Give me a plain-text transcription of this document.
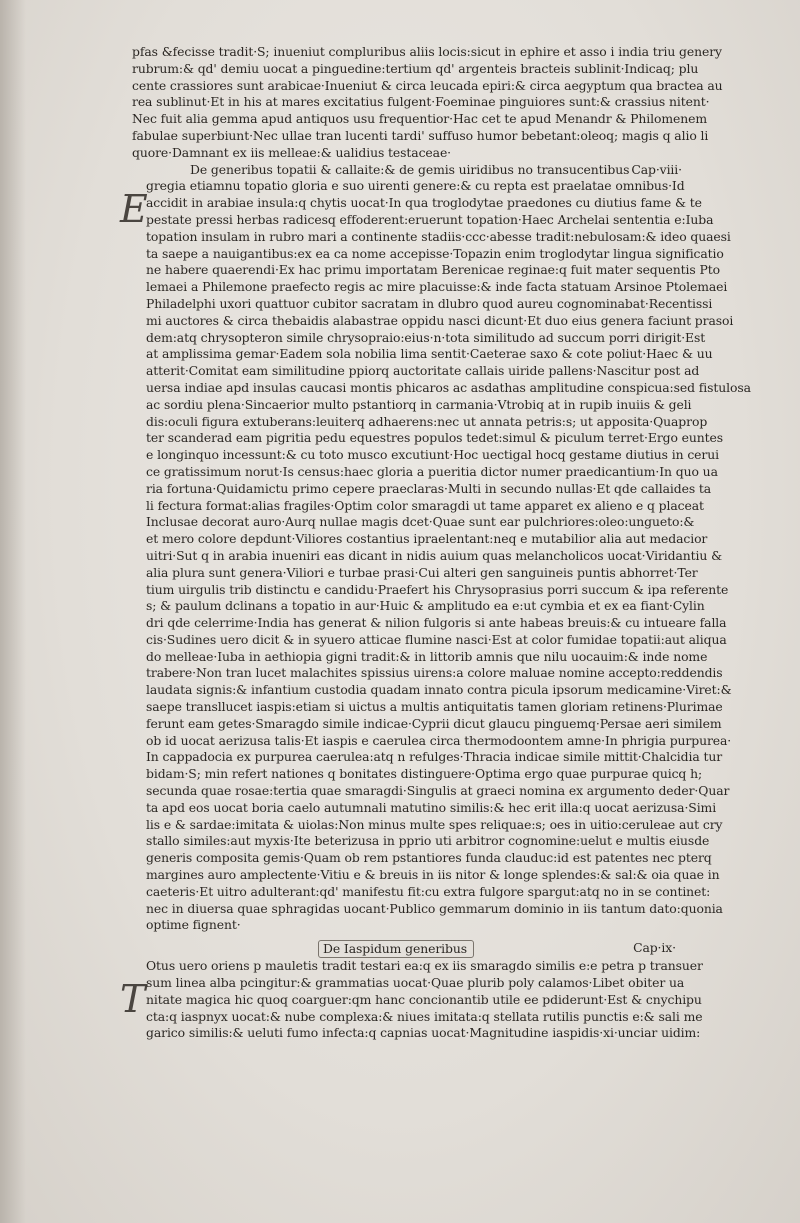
E
T
pfas &fecisse tradit·S; inueniut compluribus aliis locis:sicut in ephire et asso i india triu genery
rubrum:& qd' demiu uocat a pinguedine:tertium qd' argenteis bracteis sublinit·Indicaq; plu
cente crassiores sunt arabicae·Inueniut & circa leucada epiri:& circa aegyptum qua bractea au
rea sublinut·Et in his at mares excitatius fulgent·Foeminae pinguiores sunt:& crassius nitent·
Nec fuit alia gemma apud antiquos usu frequentior·Hac cet te apud Menandr & Philomenem
fabulae superbiunt·Nec ullae tran lucenti tardi' suffuso humor bebetant:oleoq; magis q alio li
quore·Damnant ex iis melleae:& ualidius testaceae·
De generibus topatii & callaite:& de gemis uiridibus no transucentibus Cap·viii·
gregia etiamnu topatio gloria e suo uirenti genere:& cu repta est praelatae omnibus·Id
accidit in arabiae insula:q chytis uocat·In qua troglodytae praedones cu diutius fame & te
pestate pressi herbas radicesq effoderent:eruerunt topation·Haec Archelai sententia e:Iuba
topation insulam in rubro mari a continente stadiis·ccc·abesse tradit:nebulosam:& ideo quaesi
ta saepe a nauigantibus:ex ea ca nome accepisse·Topazin enim troglodytar lingua significatio
ne habere quaerendi·Ex hac primu importatam Berenicae reginae:q fuit mater sequentis Pto
lemaei a Philemone praefecto regis ac mire placuisse:& inde facta statuam Arsinoe Ptolemaei
Philadelphi uxori quattuor cubitor sacratam in dlubro quod aureu cognominabat·Recentissi
mi auctores & circa thebaidis alabastrae oppidu nasci dicunt·Et duo eius genera faciunt prasoi
dem:atq chrysopteron simile chrysopraio:eius·n·tota similitudo ad succum porri dirigit·Est
at amplissima gemar·Eadem sola nobilia lima sentit·Caeterae saxo & cote poliut·Haec & uu
atterit·Comitat eam similitudine ppiorq auctoritate callais uiride pallens·Nascitur post ad
uersa indiae apd insulas caucasi montis phicaros ac asdathas amplitudine conspicua:sed fistulosa
ac sordiu plena·Sincaerior multo pstantiorq in carmania·Vtrobiq at in rupib inuiis & geli
dis:oculi figura extuberans:leuiterq adhaerens:nec ut annata petris:s; ut apposita·Quaprop
ter scanderad eam pigritia pedu equestres populos tedet:simul & piculum terret·Ergo euntes
e longinquo incessunt:& cu toto musco excutiunt·Hoc uectigal hocq gestame diutius in cerui
ce gratissimum norut·Is census:haec gloria a pueritia dictor numer praedicantium·In quo ua
ria fortuna·Quidamictu primo cepere praeclaras·Multi in secundo nullas·Et qde callaides ta
li fectura format:alias fragiles·Optim color smaragdi ut tame apparet ex alieno e q placeat
Inclusae decorat auro·Aurq nullae magis dcet·Quae sunt ear pulchriores:oleo:ungueto:&
et mero colore depdunt·Viliores costantius ipraelentant:neq e mutabilior alia aut medacior
uitri·Sut q in arabia inueniri eas dicant in nidis auium quas melancholicos uocat·Viridantiu &
alia plura sunt genera·Viliori e turbae prasi·Cui alteri gen sanguineis puntis abhorret·Ter
tium uirgulis trib distinctu e candidu·Praefert his Chrysoprasius porri succum & ipa referente
s; & paulum dclinans a topatio in aur·Huic & amplitudo ea e:ut cymbia et ex ea fiant·Cylin
dri qde celerrime·India has generat & nilion fulgoris si ante habeas breuis:& cu intueare falla
cis·Sudines uero dicit & in syuero atticae flumine nasci·Est at color fumidae topatii:aut aliqua
do melleae·Iuba in aethiopia gigni tradit:& in littorib amnis que nilu uocauim:& inde nome
trabere·Non tran lucet malachites spissius uirens:a colore maluae nomine accepto:reddendis
laudata signis:& infantium custodia quadam innato contra picula ipsorum medicamine·Viret:&
saepe transllucet iaspis:etiam si uictus a multis antiquitatis tamen gloriam retinens·Plurimae
ferunt eam getes·Smaragdo simile indicae·Cyprii dicut glaucu pinguemq·Persae aeri similem
ob id uocat aerizusa talis·Et iaspis e caerulea circa thermodoontem amne·In phrigia purpurea·
In cappadocia ex purpurea caerulea:atq n refulges·Thracia indicae simile mittit·Chalcidia tur
bidam·S; min refert nationes q bonitates distinguere·Optima ergo quae purpurae quicq h;
secunda quae rosae:tertia quae smaragdi·Singulis at graeci nomina ex argumento deder·Quar
ta apd eos uocat boria caelo autumnali matutino similis:& hec erit illa:q uocat aerizusa·Simi
lis e & sardae:imitata & uiolas:Non minus multe spes reliquae:s; oes in uitio:ceruleae aut cry
stallo similes:aut myxis·Ite beterizusa in pprio uti arbitror cognomine:uelut e multis eiusde
generis composita gemis·Quam ob rem pstantiores funda clauduc:id est patentes nec pterq
margines auro amplectente·Vitiu e & breuis in iis nitor & longe splendes:& sal:& oia quae in
caeteris·Et uitro adulterant:qd' manifestu fit:cu extra fulgore spargut:atq no in se continet:
nec in diuersa quae sphragidas uocant·Publico gemmarum dominio in iis tantum dato:quonia
optime fignent·
De Iaspidum generibus	Cap·ix·
Otus uero oriens p mauletis tradit testari ea:q ex iis smaragdo similis e:e petra p transuer
sum linea alba pcingitur:& grammatias uocat·Quae plurib poly calamos·Libet obiter ua
nitate magica hic quoq coarguer:qm hanc concionantib utile ee pdiderunt·Est & cnychipu
cta:q iaspnyx uocat:& nube complexa:& niues imitata:q stellata rutilis punctis e:& sali me
garico similis:& ueluti fumo infecta:q capnias uocat·Magnitudine iaspidis·xi·unciar uidim:
